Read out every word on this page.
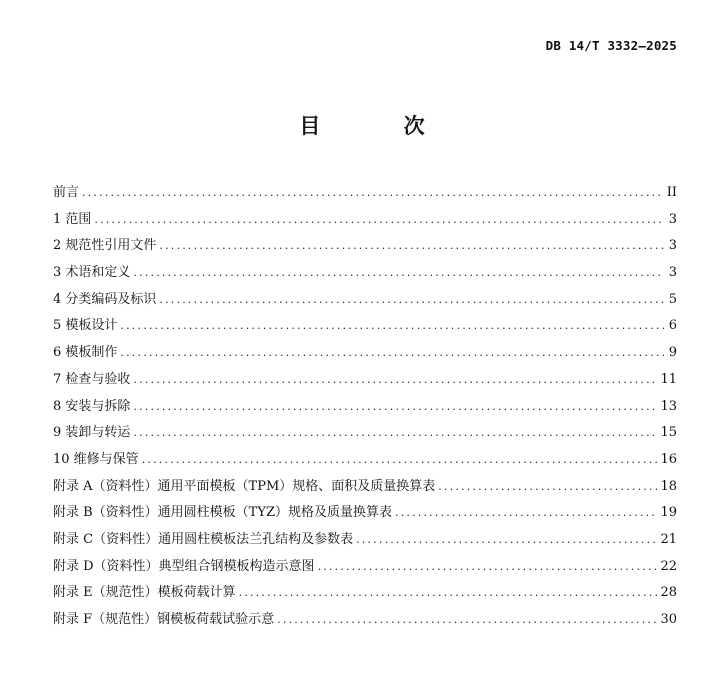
DB 14/T 3332—2025
目 次
前言 .....	II
1 范围 .....	3
2 规范性引用文件 .....	3
3 术语和定义 .....	3
4 分类编码及标识 .....	5
5 模板设计 .....	6
6 模板制作 .....	9
7 检查与验收 .....	11
8 安装与拆除 .....	13
9 装卸与转运 .....	15
10 维修与保管 .....	16
附录 A（资料性）通用平面模板（TPM）规格、面积及质量换算表 .....	18
附录 B（资料性）通用圆柱模板（TYZ）规格及质量换算表 .....	19
附录 C（资料性）通用圆柱模板法兰孔结构及参数表 .....	21
附录 D（资料性）典型组合钢模板构造示意图 .....	22
附录 E（规范性）模板荷载计算 .....	28
附录 F（规范性）钢模板荷载试验示意 .....	30
